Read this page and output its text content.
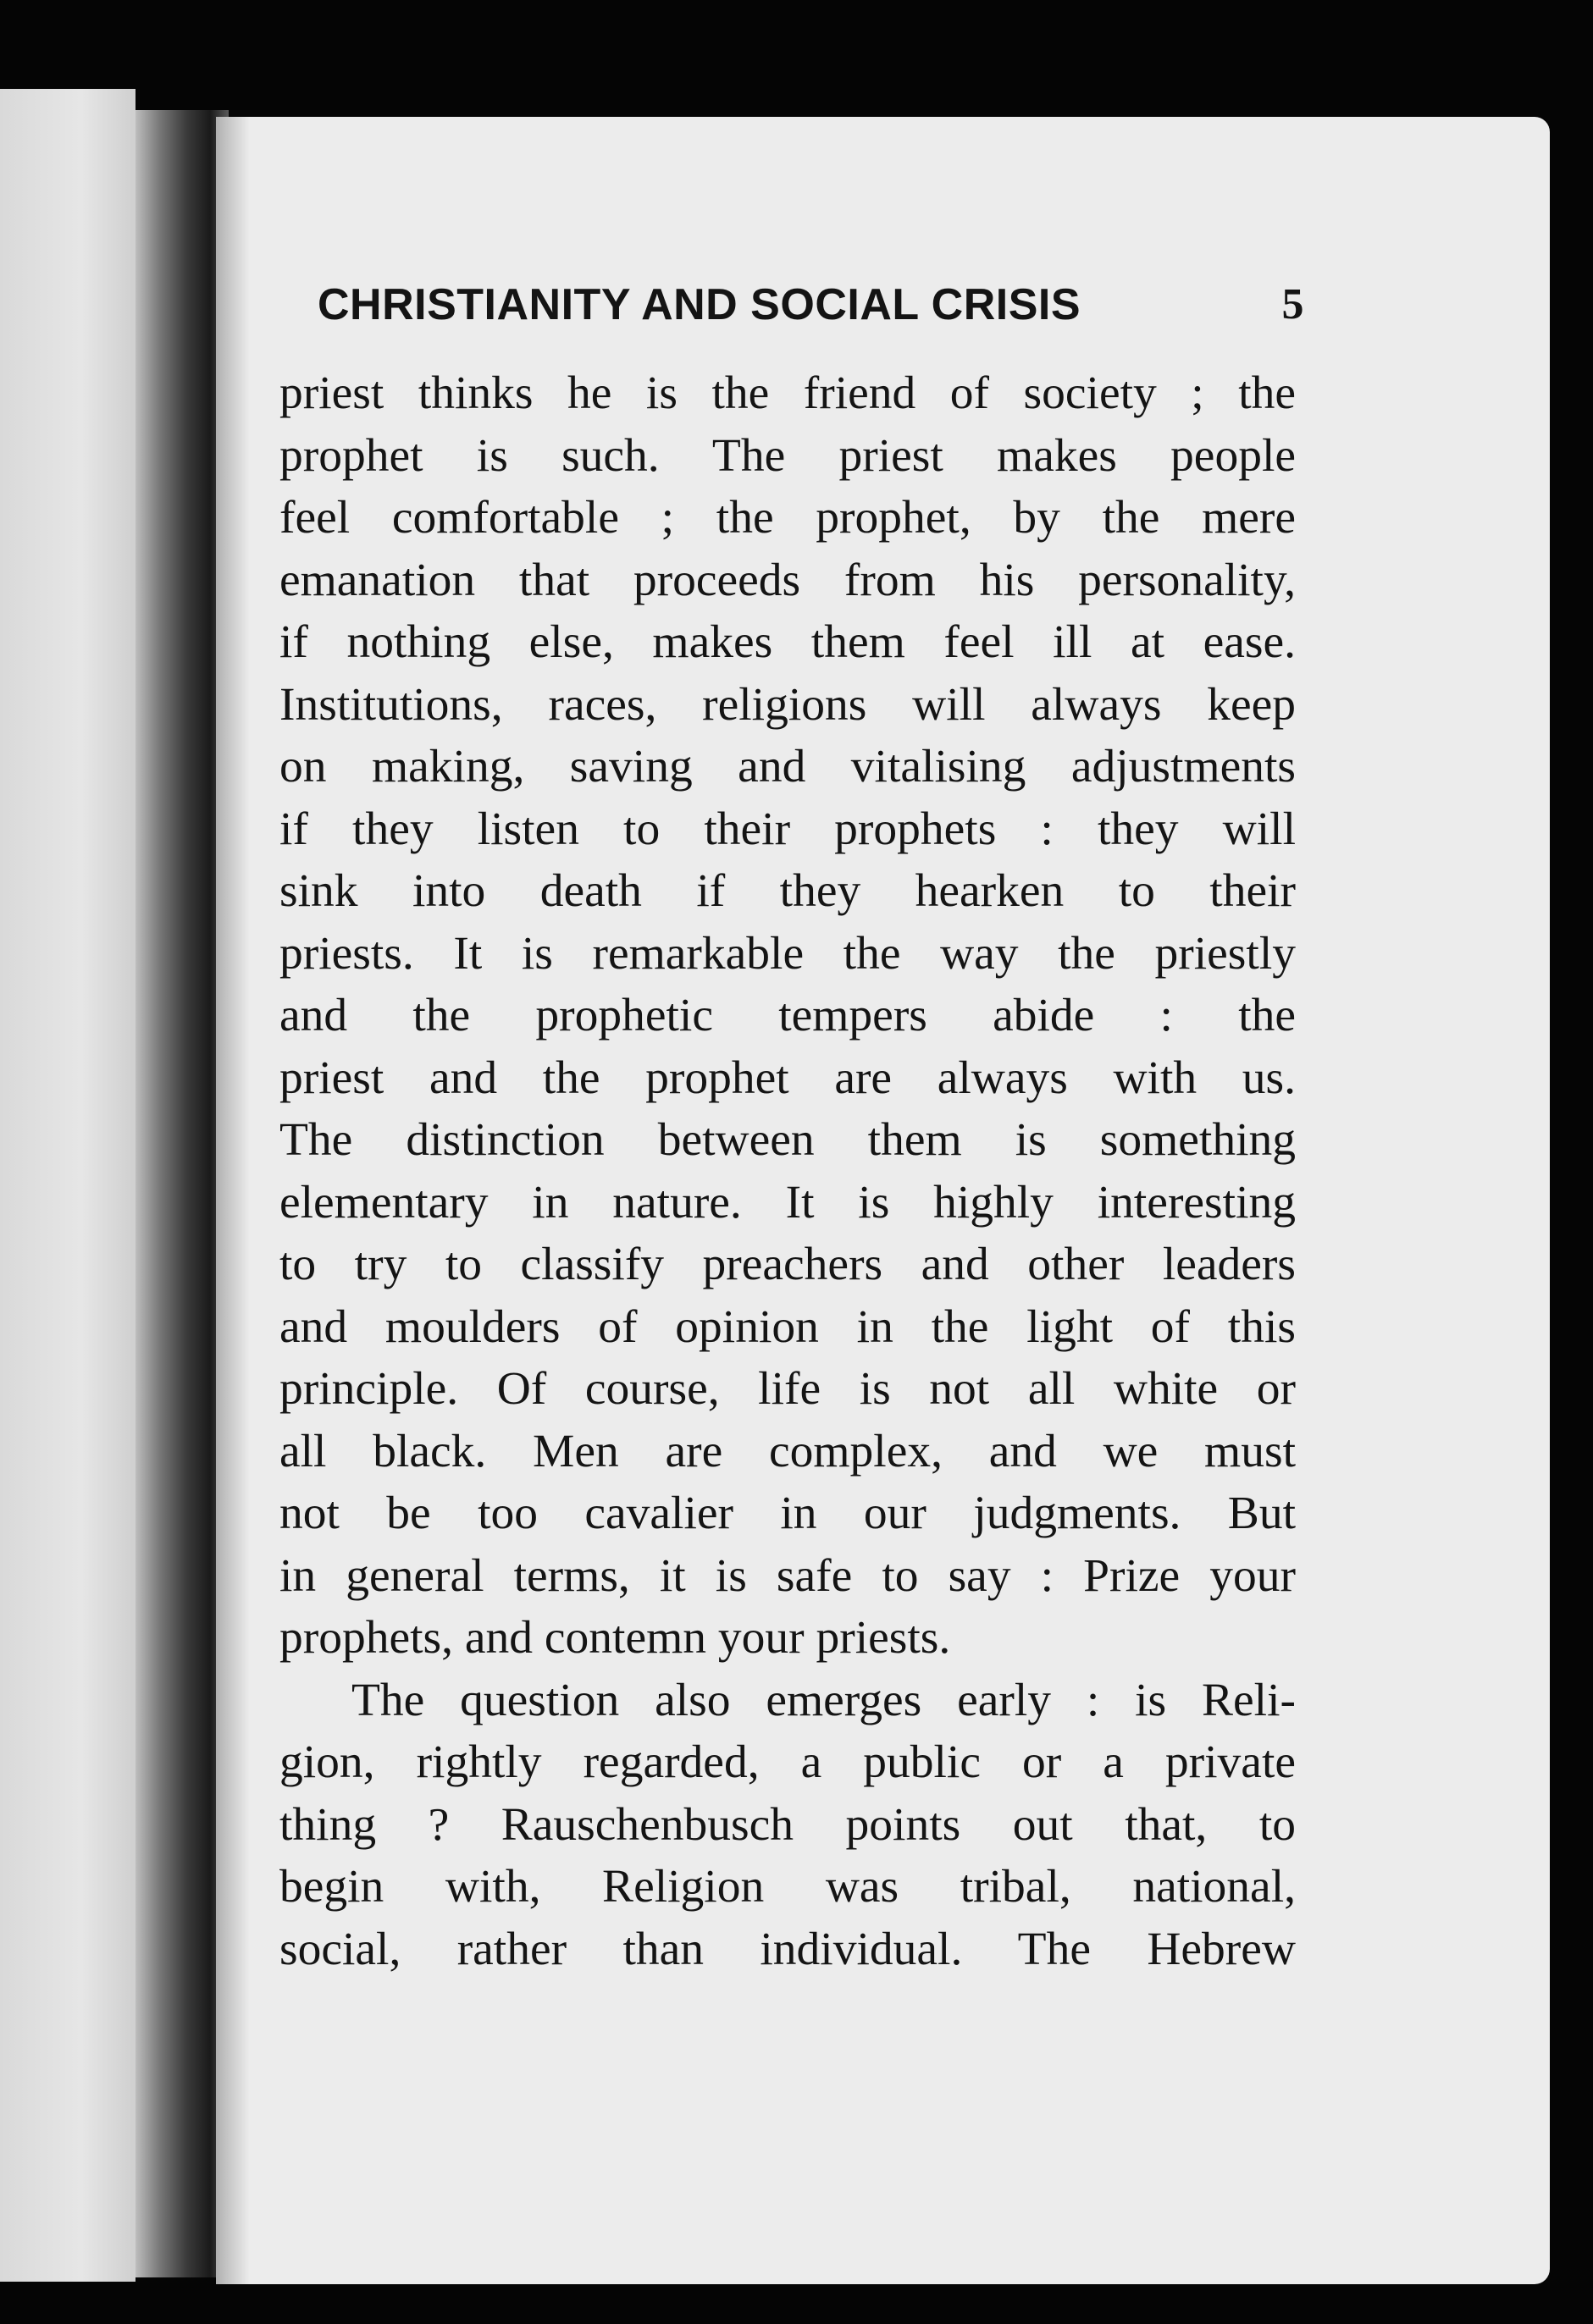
CHRISTIANITY AND SOCIAL CRISIS	5
priest thinks he is the friend of society ; the
prophet is such. The priest makes people
feel comfortable ; the prophet, by the mere
emanation that proceeds from his personality,
if nothing else, makes them feel ill at ease.
Institutions, races, religions will always keep
on making, saving and vitalising adjustments
if they listen to their prophets : they will
sink into death if they hearken to their
priests. It is remarkable the way the priestly
and the prophetic tempers abide : the
priest and the prophet are always with us.
The distinction between them is something
elementary in nature. It is highly interesting
to try to classify preachers and other leaders
and moulders of opinion in the light of this
principle. Of course, life is not all white or
all black. Men are complex, and we must
not be too cavalier in our judgments. But
in general terms, it is safe to say : Prize your
prophets, and contemn your priests.
The question also emerges early : is Reli-
gion, rightly regarded, a public or a private
thing ? Rauschenbusch points out that, to
begin with, Religion was tribal, national,
social, rather than individual. The Hebrew
